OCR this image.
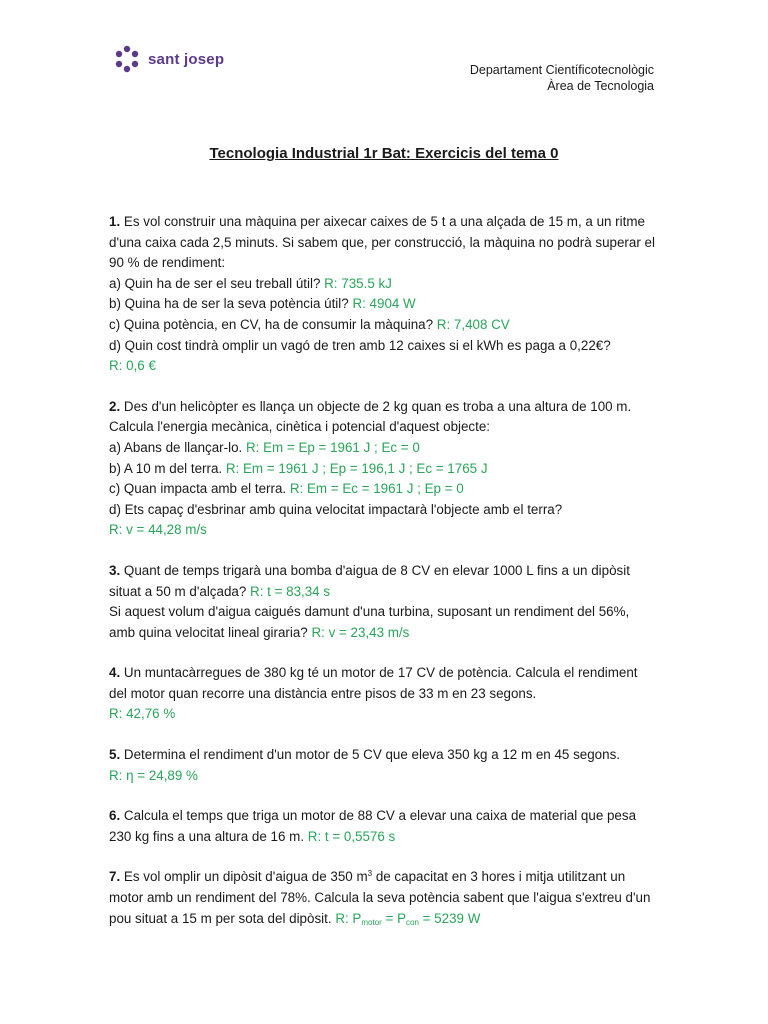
sant josep
Departament Científicotecnològic
Àrea de Tecnologia
Tecnologia Industrial 1r Bat: Exercicis del tema 0
1. Es vol construir una màquina per aixecar caixes de 5 t a una alçada de 15 m, a un ritme d'una caixa cada 2,5 minuts. Si sabem que, per construcció, la màquina no podrà superar el 90 % de rendiment:
a) Quin ha de ser el seu treball útil? R: 735.5 kJ
b) Quina ha de ser la seva potència útil? R: 4904 W
c) Quina potència, en CV, ha de consumir la màquina? R: 7,408 CV
d) Quin cost tindrà omplir un vagó de tren amb 12 caixes si el kWh es paga a 0,22€?
R: 0,6 €
2. Des d'un helicòpter es llança un objecte de 2 kg quan es troba a una altura de 100 m. Calcula l'energia mecànica, cinètica i potencial d'aquest objecte:
a) Abans de llançar-lo. R: Em = Ep = 1961 J ; Ec = 0
b) A 10 m del terra. R: Em = 1961 J ; Ep = 196,1 J ; Ec = 1765 J
c) Quan impacta amb el terra. R: Em = Ec = 1961 J ; Ep = 0
d) Ets capaç d'esbrinar amb quina velocitat impactarà l'objecte amb el terra?
R: v = 44,28 m/s
3. Quant de temps trigarà una bomba d'aigua de 8 CV en elevar 1000 L fins a un dipòsit situat a 50 m d'alçada? R: t = 83,34 s
Si aquest volum d'aigua caigués damunt d'una turbina, suposant un rendiment del 56%, amb quina velocitat lineal giraria? R: v = 23,43 m/s
4. Un muntacàrregues de 380 kg té un motor de 17 CV de potència. Calcula el rendiment del motor quan recorre una distància entre pisos de 33 m en 23 segons.
R: 42,76 %
5. Determina el rendiment d'un motor de 5 CV que eleva 350 kg a 12 m en 45 segons.
R: η = 24,89 %
6. Calcula el temps que triga un motor de 88 CV a elevar una caixa de material que pesa 230 kg fins a una altura de 16 m. R: t = 0,5576 s
7. Es vol omplir un dipòsit d'aigua de 350 $m^3$ de capacitat en 3 hores i mitja utilitzant un motor amb un rendiment del 78%. Calcula la seva potència sabent que l'aigua s'extreu d'un pou situat a 15 m per sota del dipòsit. R: $P_{motor} = P_{con} = 5239$ W
